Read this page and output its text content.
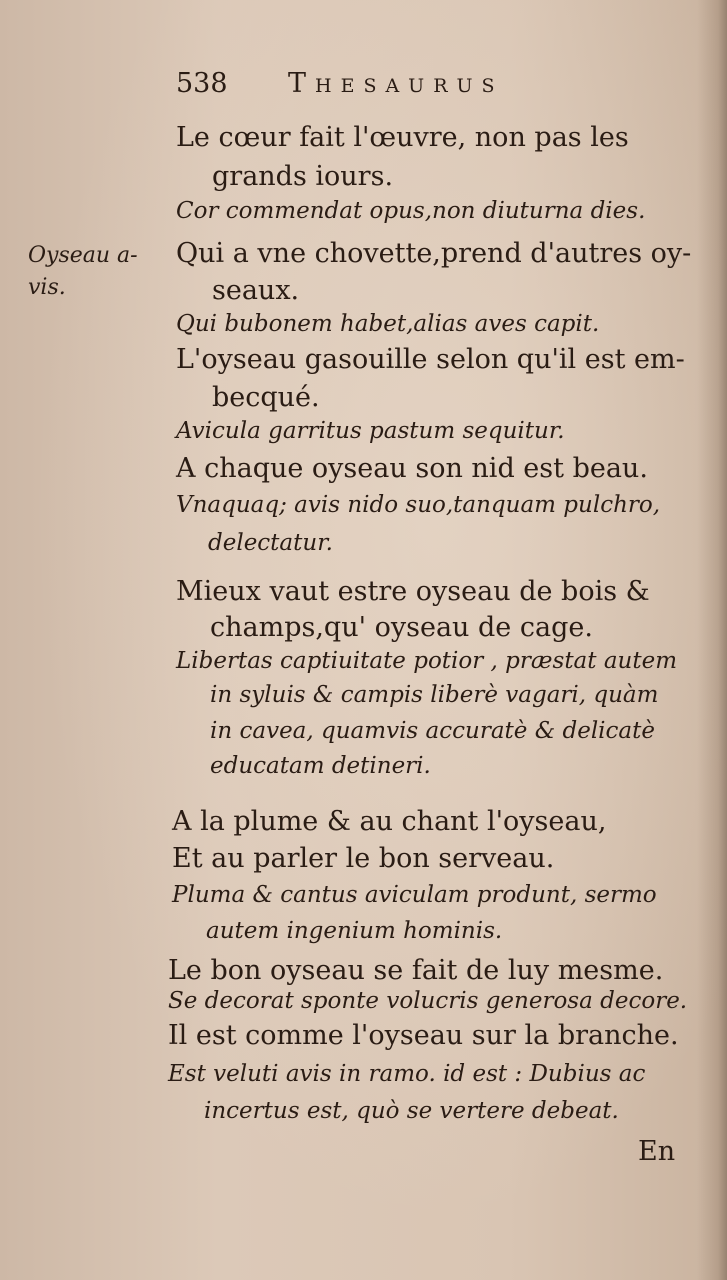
538 Thesaurus
Oyseau a-
vis.
Le cœur fait l'œuvre, non pas les
grands iours.
Cor commendat opus,non diuturna dies.
Qui a vne chovette,prend d'autres oy-
seaux.
Qui bubonem habet,alias aves capit.
L'oyseau gasouille selon qu'il est em-
becqué.
Avicula garritus pastum sequitur.
A chaque oyseau son nid est beau.
Vnaquaq; avis nido suo,tanquam pulchro,
delectatur.
Mieux vaut estre oyseau de bois &
champs,qu' oyseau de cage.
Libertas captiuitate potior , præstat autem
in syluis & campis liberè vagari, quàm
in cavea, quamvis accuratè & delicatè
educatam detineri.
A la plume & au chant l'oyseau,
Et au parler le bon serveau.
Pluma & cantus aviculam produnt, sermo
autem ingenium hominis.
Le bon oyseau se fait de luy mesme.
Se decorat sponte volucris generosa decore.
Il est comme l'oyseau sur la branche.
Est veluti avis in ramo. id est : Dubius ac
incertus est, quò se vertere debeat.
En
